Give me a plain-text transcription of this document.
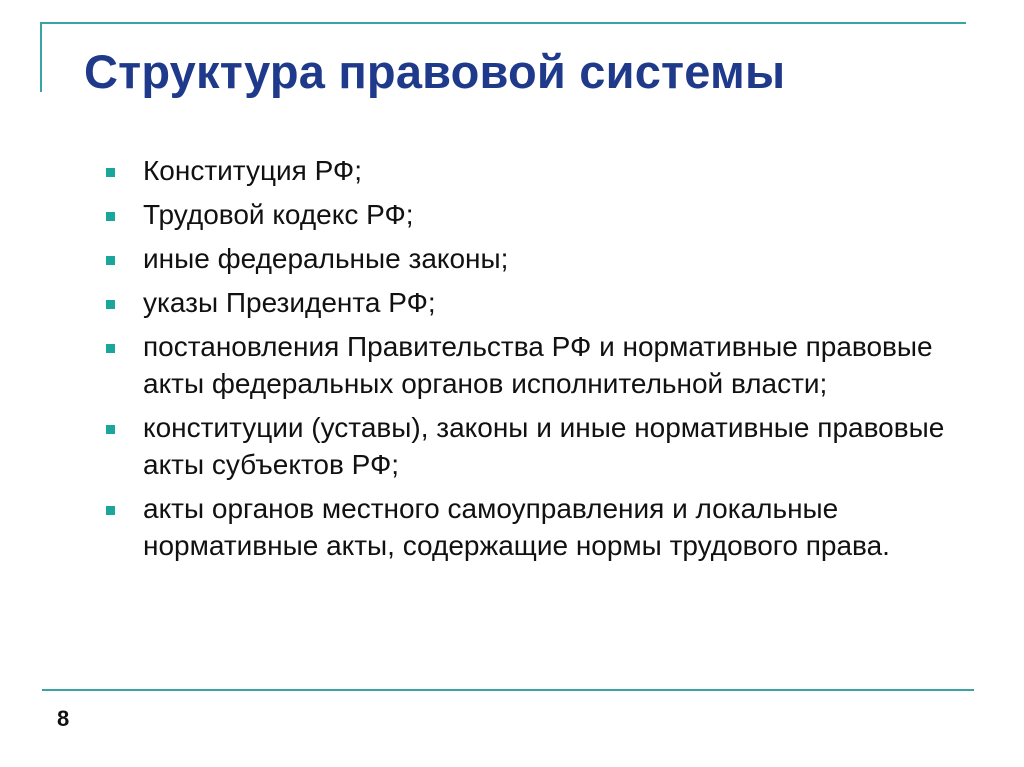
Структура правовой системы
Конституция РФ;
Трудовой кодекс РФ;
иные федеральные законы;
указы Президента РФ;
постановления Правительства РФ и нормативные правовые акты федеральных органов исполнительной власти;
конституции (уставы), законы и иные нормативные правовые акты субъектов РФ;
акты органов местного самоуправления и локальные нормативные акты, содержащие нормы трудового права.
8
